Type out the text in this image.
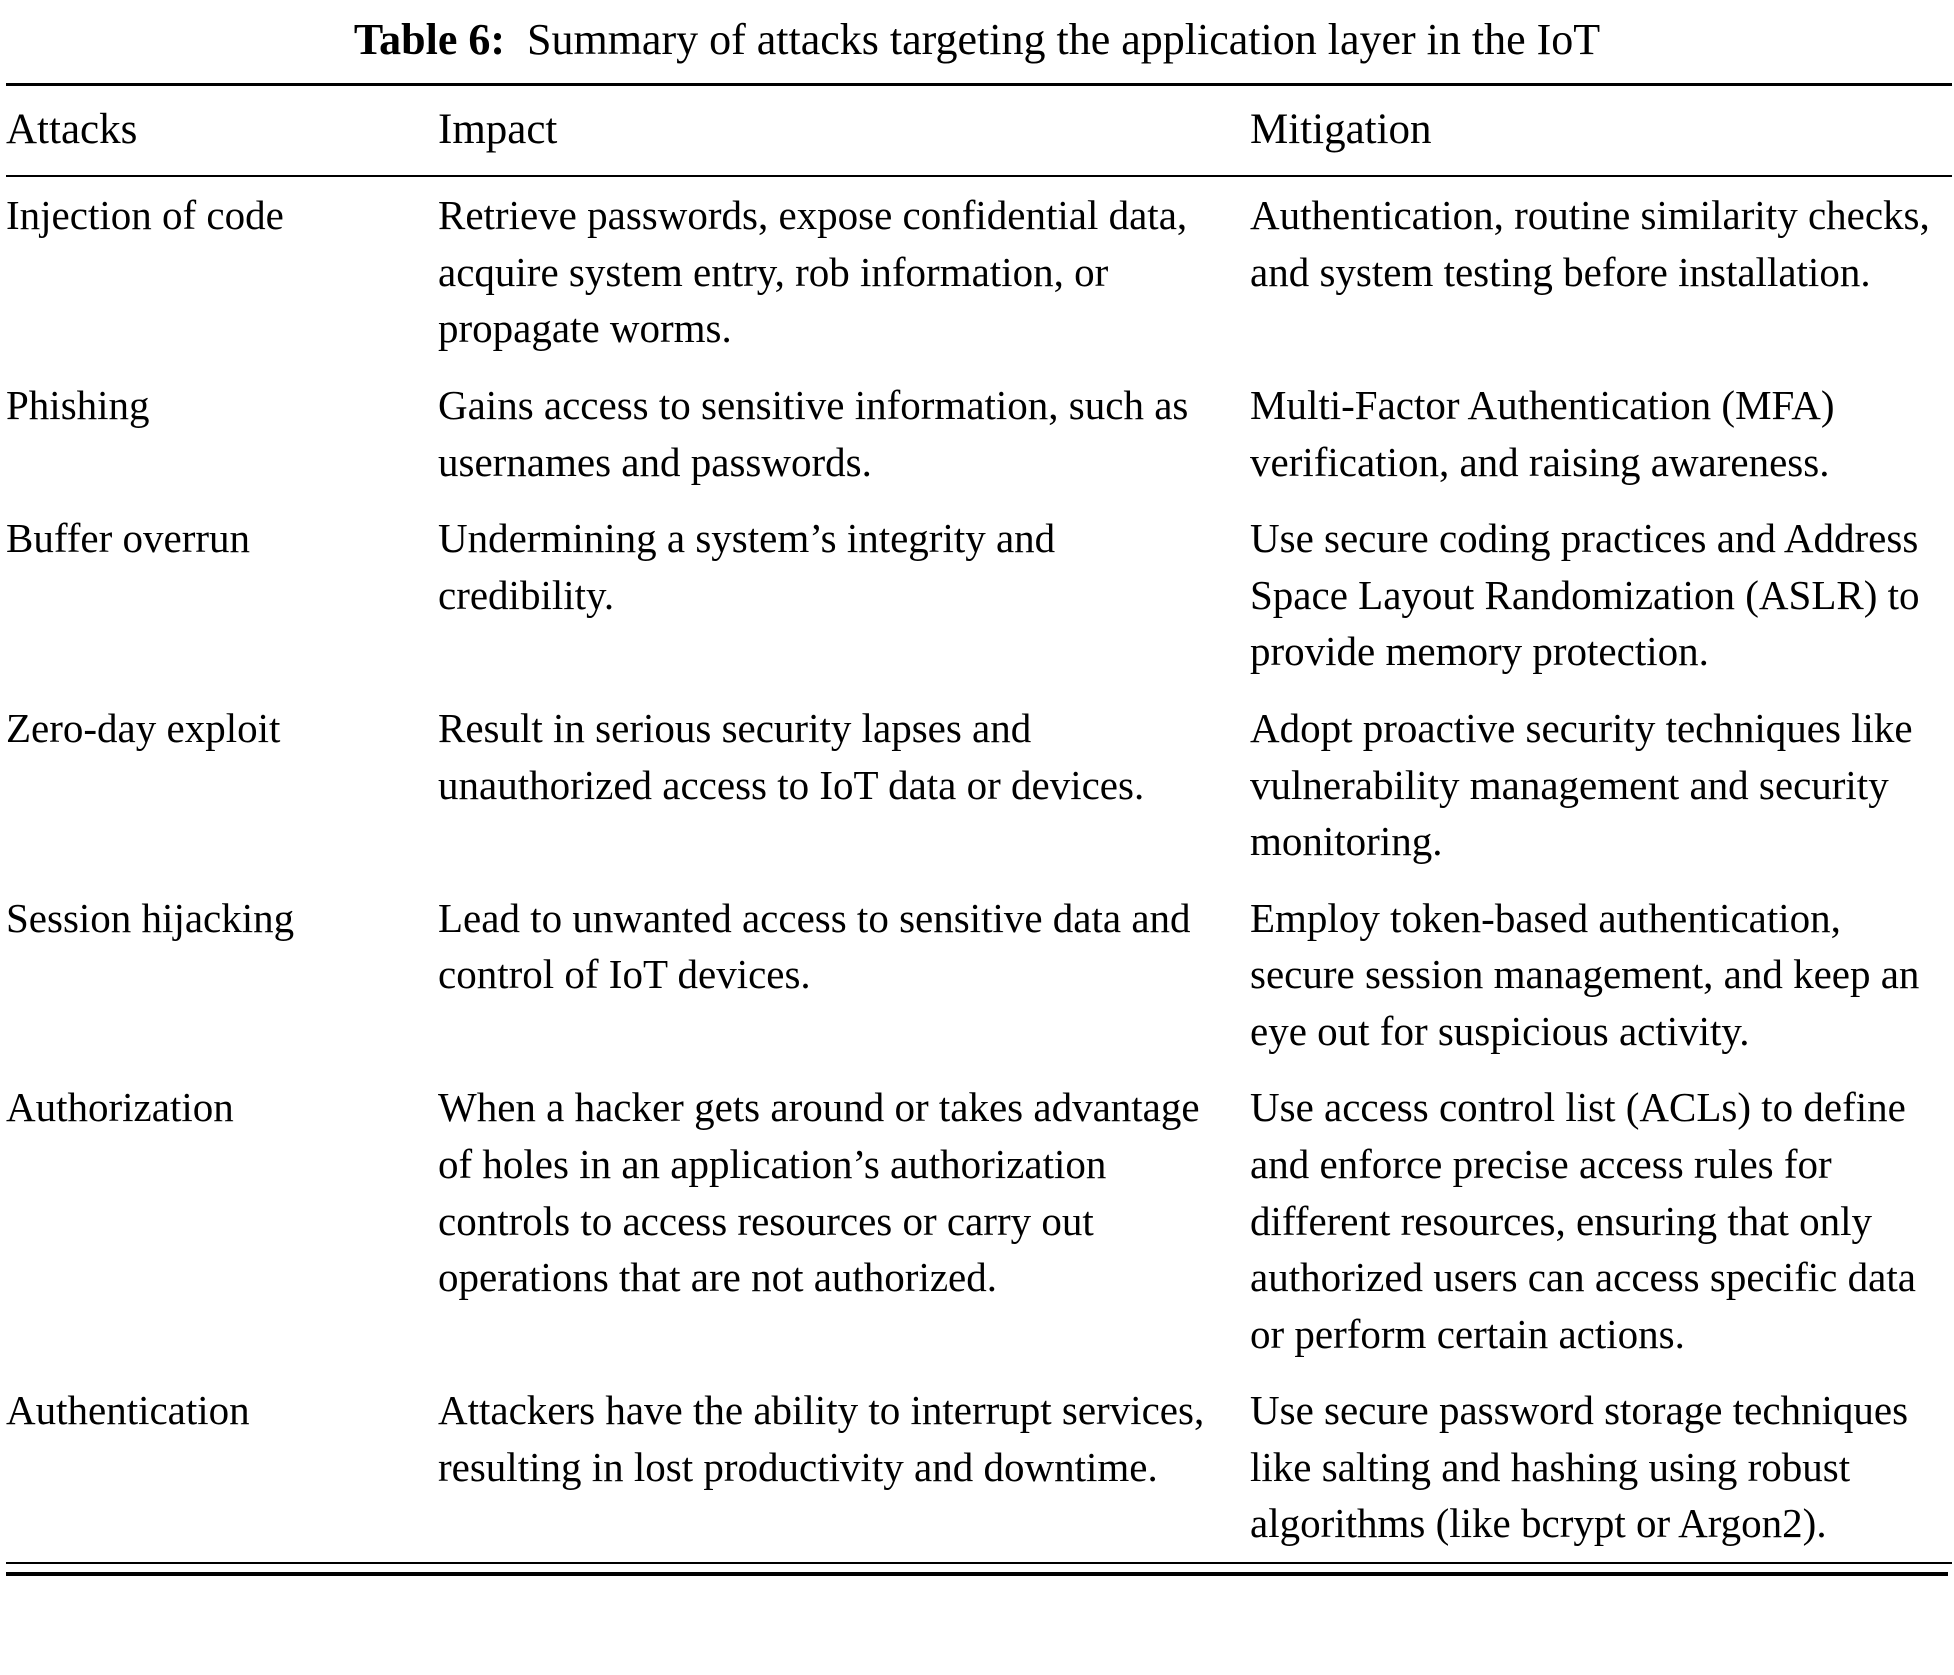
Table 6: Summary of attacks targeting the application layer in the IoT
Attacks	Impact	Mitigation
Injection of code	Retrieve passwords, expose confidential data, acquire system entry, rob information, or propagate worms.	Authentication, routine similarity checks, and system testing before installation.
Phishing	Gains access to sensitive information, such as usernames and passwords.	Multi-Factor Authentication (MFA) verification, and raising awareness.
Buffer overrun	Undermining a system’s integrity and credibility.	Use secure coding practices and Address Space Layout Randomization (ASLR) to provide memory protection.
Zero-day exploit	Result in serious security lapses and unauthorized access to IoT data or devices.	Adopt proactive security techniques like vulnerability management and security monitoring.
Session hijacking	Lead to unwanted access to sensitive data and control of IoT devices.	Employ token-based authentication, secure session management, and keep an eye out for suspicious activity.
Authorization	When a hacker gets around or takes advantage of holes in an application’s authorization controls to access resources or carry out operations that are not authorized.	Use access control list (ACLs) to define and enforce precise access rules for different resources, ensuring that only authorized users can access specific data or perform certain actions.
Authentication	Attackers have the ability to interrupt services, resulting in lost productivity and downtime.	Use secure password storage techniques like salting and hashing using robust algorithms (like bcrypt or Argon2).
